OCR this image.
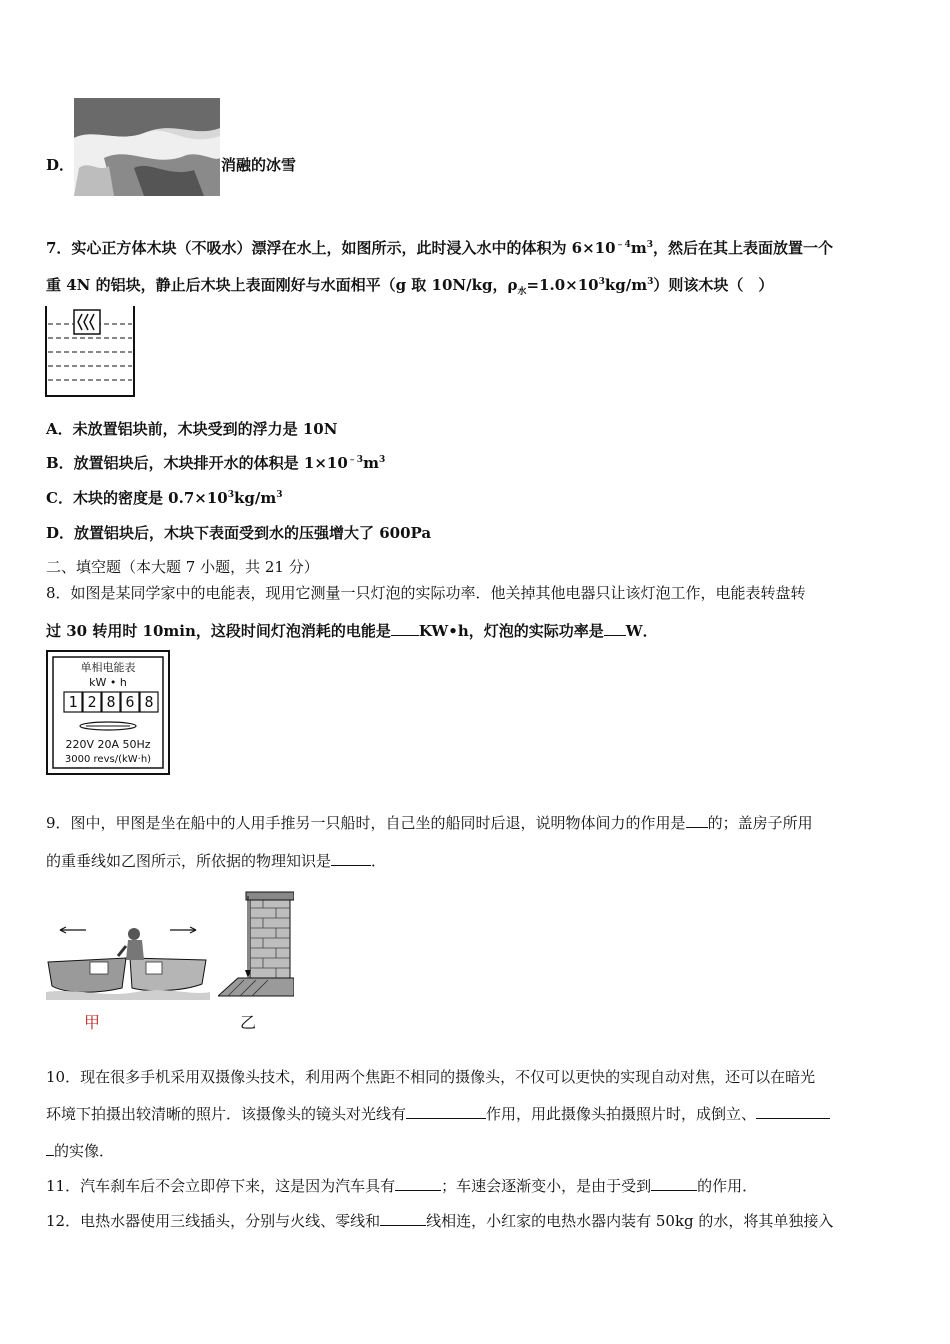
D．	消融的冰雪
7．实心正方体木块（不吸水）漂浮在水上，如图所示，此时浸入水中的体积为 $6\times 10^{﹣4}m^3$，然后在其上表面放置一个
重 4N 的铝块，静止后木块上表面刚好与水面相平（g 取 10N/kg，$\rho_水=1.0\times 10^3kg/m^3$）则该木块（　）
A．未放置铝块前，木块受到的浮力是 10N
B．放置铝块后，木块排开水的体积是 $1\times 10^{﹣3}m^3$
C．木块的密度是 $0.7\times 10^3kg/m^3$
D．放置铝块后，木块下表面受到水的压强增大了 600Pa
二、填空题（本大题 7 小题，共 21 分）
8．如图是某同学家中的电能表，现用它测量一只灯泡的实际功率．他关掉其他电器只让该灯泡工作，电能表转盘转
过 30 转用时 10min，这段时间灯泡消耗的电能是 KW•h，灯泡的实际功率是 W．
单相电能表
kW • h
1 2 8 6 8
220V 20A 50Hz
3000 revs/(kW·h)
9．图中，甲图是坐在船中的人用手推另一只船时，自己坐的船同时后退，说明物体间力的作用是 的；盖房子所用
的重垂线如乙图所示，所依据的物理知识是	．
甲	乙
10．现在很多手机采用双摄像头技术，利用两个焦距不相同的摄像头，不仅可以更快的实现自动对焦，还可以在暗光
环境下拍摄出较清晰的照片．该摄像头的镜头对光线有	作用，用此摄像头拍摄照片时，成倒立、
的实像．
11．汽车刹车后不会立即停下来，这是因为汽车具有	；车速会逐渐变小，是由于受到	的作用．
12．电热水器使用三线插头，分别与火线、零线和	线相连，小红家的电热水器内装有 50kg 的水，将其单独接入
